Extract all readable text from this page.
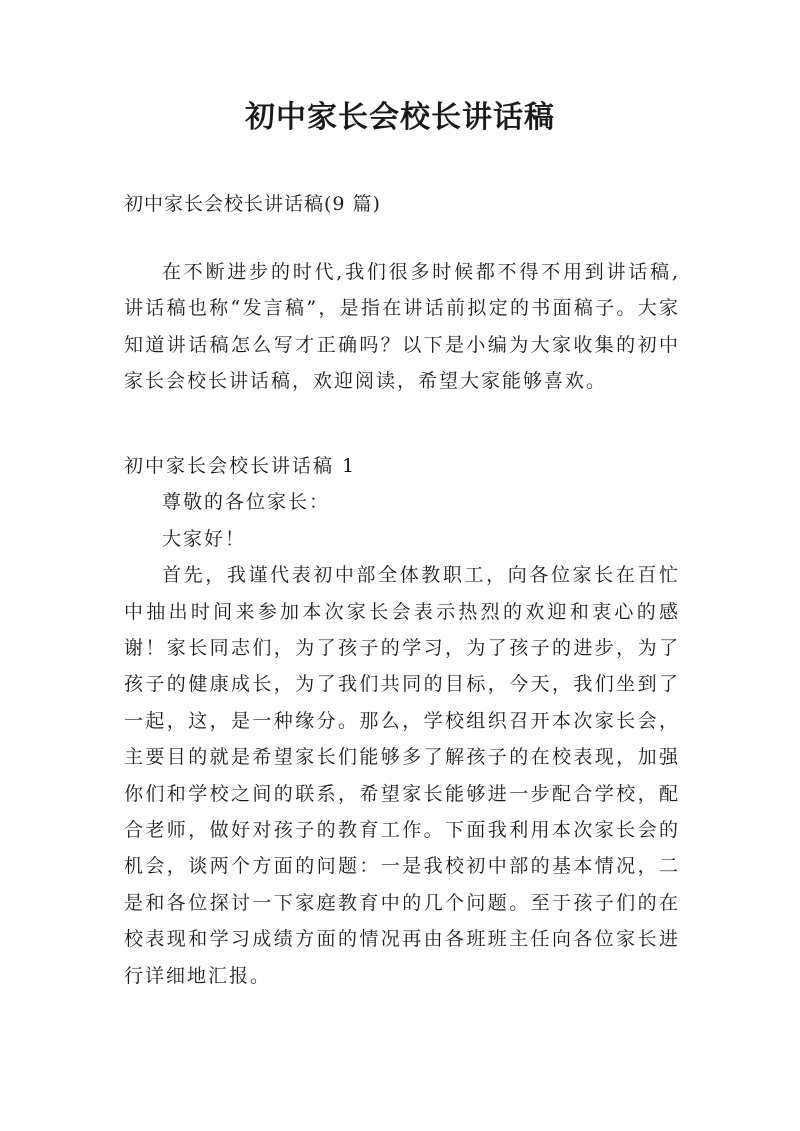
初中家长会校长讲话稿
初中家长会校长讲话稿(9 篇)

在不断进步的时代,我们很多时候都不得不用到讲话稿,讲话稿也称“发言稿”，是指在讲话前拟定的书面稿子。大家知道讲话稿怎么写才正确吗？以下是小编为大家收集的初中家长会校长讲话稿，欢迎阅读，希望大家能够喜欢。

初中家长会校长讲话稿 1

尊敬的各位家长：

大家好！

首先，我谨代表初中部全体教职工，向各位家长在百忙中抽出时间来参加本次家长会表示热烈的欢迎和衷心的感谢！家长同志们，为了孩子的学习，为了孩子的进步，为了孩子的健康成长，为了我们共同的目标，今天，我们坐到了一起，这，是一种缘分。那么，学校组织召开本次家长会，主要目的就是希望家长们能够多了解孩子的在校表现，加强你们和学校之间的联系，希望家长能够进一步配合学校，配合老师，做好对孩子的教育工作。下面我利用本次家长会的机会，谈两个方面的问题：一是我校初中部的基本情况，二是和各位探讨一下家庭教育中的几个问题。至于孩子们的在校表现和学习成绩方面的情况再由各班班主任向各位家长进行详细地汇报。
